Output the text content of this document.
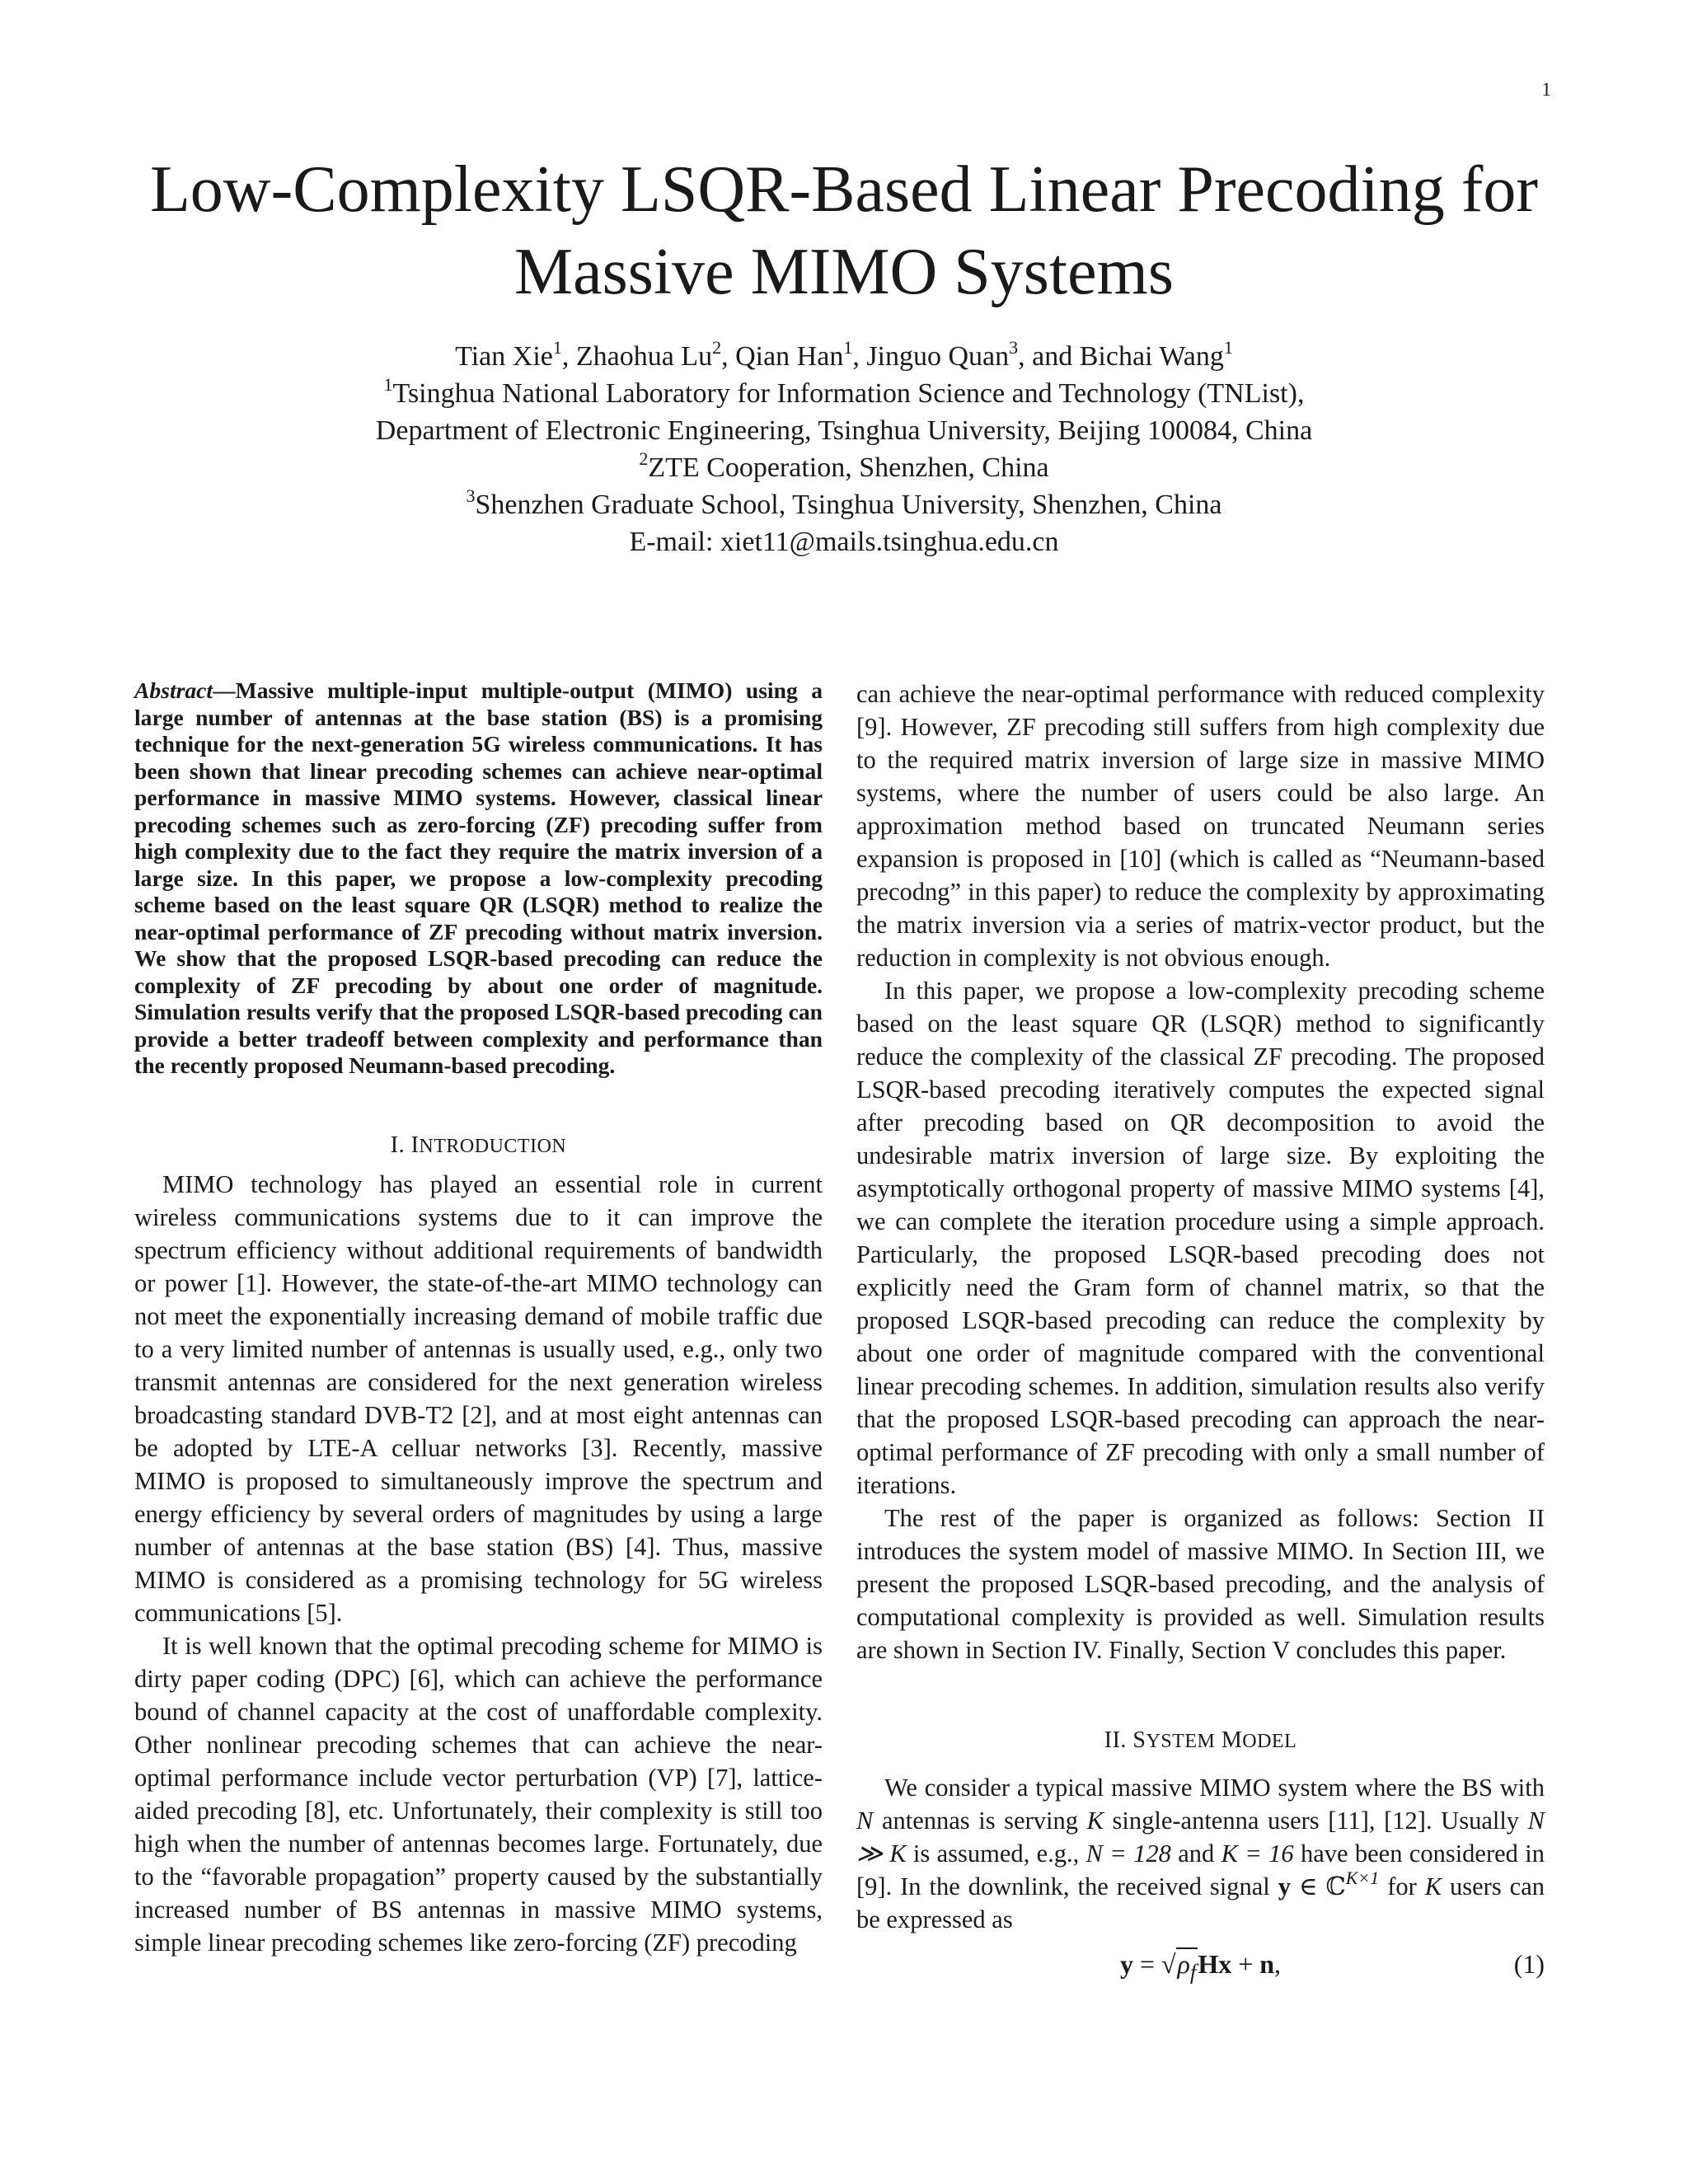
1
Low-Complexity LSQR-Based Linear Precoding for
Massive MIMO Systems
Tian Xie$^1$, Zhaohua Lu$^2$, Qian Han$^1$, Jinguo Quan$^3$, and Bichai Wang$^1$
$^1$Tsinghua National Laboratory for Information Science and Technology (TNList),
Department of Electronic Engineering, Tsinghua University, Beijing 100084, China
$^2$ZTE Cooperation, Shenzhen, China
$^3$Shenzhen Graduate School, Tsinghua University, Shenzhen, China
E-mail: xiet11@mails.tsinghua.edu.cn

Abstract—Massive multiple-input multiple-output (MIMO) using a large number of antennas at the base station (BS) is a promising technique for the next-generation 5G wireless communications. It has been shown that linear precoding schemes can achieve near-optimal performance in massive MIMO systems. However, classical linear precoding schemes such as zero-forcing (ZF) precoding suffer from high complexity due to the fact they require the matrix inversion of a large size. In this paper, we propose a low-complexity precoding scheme based on the least square QR (LSQR) method to realize the near-optimal performance of ZF precoding without matrix inversion. We show that the proposed LSQR-based precoding can reduce the complexity of ZF precoding by about one order of magnitude. Simulation results verify that the proposed LSQR-based precoding can provide a better tradeoff between complexity and performance than the recently proposed Neumann-based precoding.

I. INTRODUCTION

MIMO technology has played an essential role in current wireless communications systems due to it can improve the spectrum efficiency without additional requirements of bandwidth or power [1]. However, the state-of-the-art MIMO technology can not meet the exponentially increasing demand of mobile traffic due to a very limited number of antennas is usually used, e.g., only two transmit antennas are considered for the next generation wireless broadcasting standard DVB-T2 [2], and at most eight antennas can be adopted by LTE-A celluar networks [3]. Recently, massive MIMO is proposed to simultaneously improve the spectrum and energy efficiency by several orders of magnitudes by using a large number of antennas at the base station (BS) [4]. Thus, massive MIMO is considered as a promising technology for 5G wireless communications [5].

It is well known that the optimal precoding scheme for MIMO is dirty paper coding (DPC) [6], which can achieve the performance bound of channel capacity at the cost of unaffordable complexity. Other nonlinear precoding schemes that can achieve the near-optimal performance include vector perturbation (VP) [7], lattice-aided precoding [8], etc. Unfortunately, their complexity is still too high when the number of antennas becomes large. Fortunately, due to the “favorable propagation” property caused by the substantially increased number of BS antennas in massive MIMO systems, simple linear precoding schemes like zero-forcing (ZF) precoding

can achieve the near-optimal performance with reduced complexity [9]. However, ZF precoding still suffers from high complexity due to the required matrix inversion of large size in massive MIMO systems, where the number of users could be also large. An approximation method based on truncated Neumann series expansion is proposed in [10] (which is called as “Neumann-based precodng” in this paper) to reduce the complexity by approximating the matrix inversion via a series of matrix-vector product, but the reduction in complexity is not obvious enough.

In this paper, we propose a low-complexity precoding scheme based on the least square QR (LSQR) method to significantly reduce the complexity of the classical ZF precoding. The proposed LSQR-based precoding iteratively computes the expected signal after precoding based on QR decomposition to avoid the undesirable matrix inversion of large size. By exploiting the asymptotically orthogonal property of massive MIMO systems [4], we can complete the iteration procedure using a simple approach. Particularly, the proposed LSQR-based precoding does not explicitly need the Gram form of channel matrix, so that the proposed LSQR-based precoding can reduce the complexity by about one order of magnitude compared with the conventional linear precoding schemes. In addition, simulation results also verify that the proposed LSQR-based precoding can approach the near-optimal performance of ZF precoding with only a small number of iterations.

The rest of the paper is organized as follows: Section II introduces the system model of massive MIMO. In Section III, we present the proposed LSQR-based precoding, and the analysis of computational complexity is provided as well. Simulation results are shown in Section IV. Finally, Section V concludes this paper.

II. SYSTEM MODEL

We consider a typical massive MIMO system where the BS with N antennas is serving K single-antenna users [11], [12]. Usually N ≫ K is assumed, e.g., N = 128 and K = 16 have been considered in [9]. In the downlink, the received signal y ∈ ℂ$^{K\times 1}$ for K users can be expressed as

$y = √\rho_fHx + n$,	(1)
